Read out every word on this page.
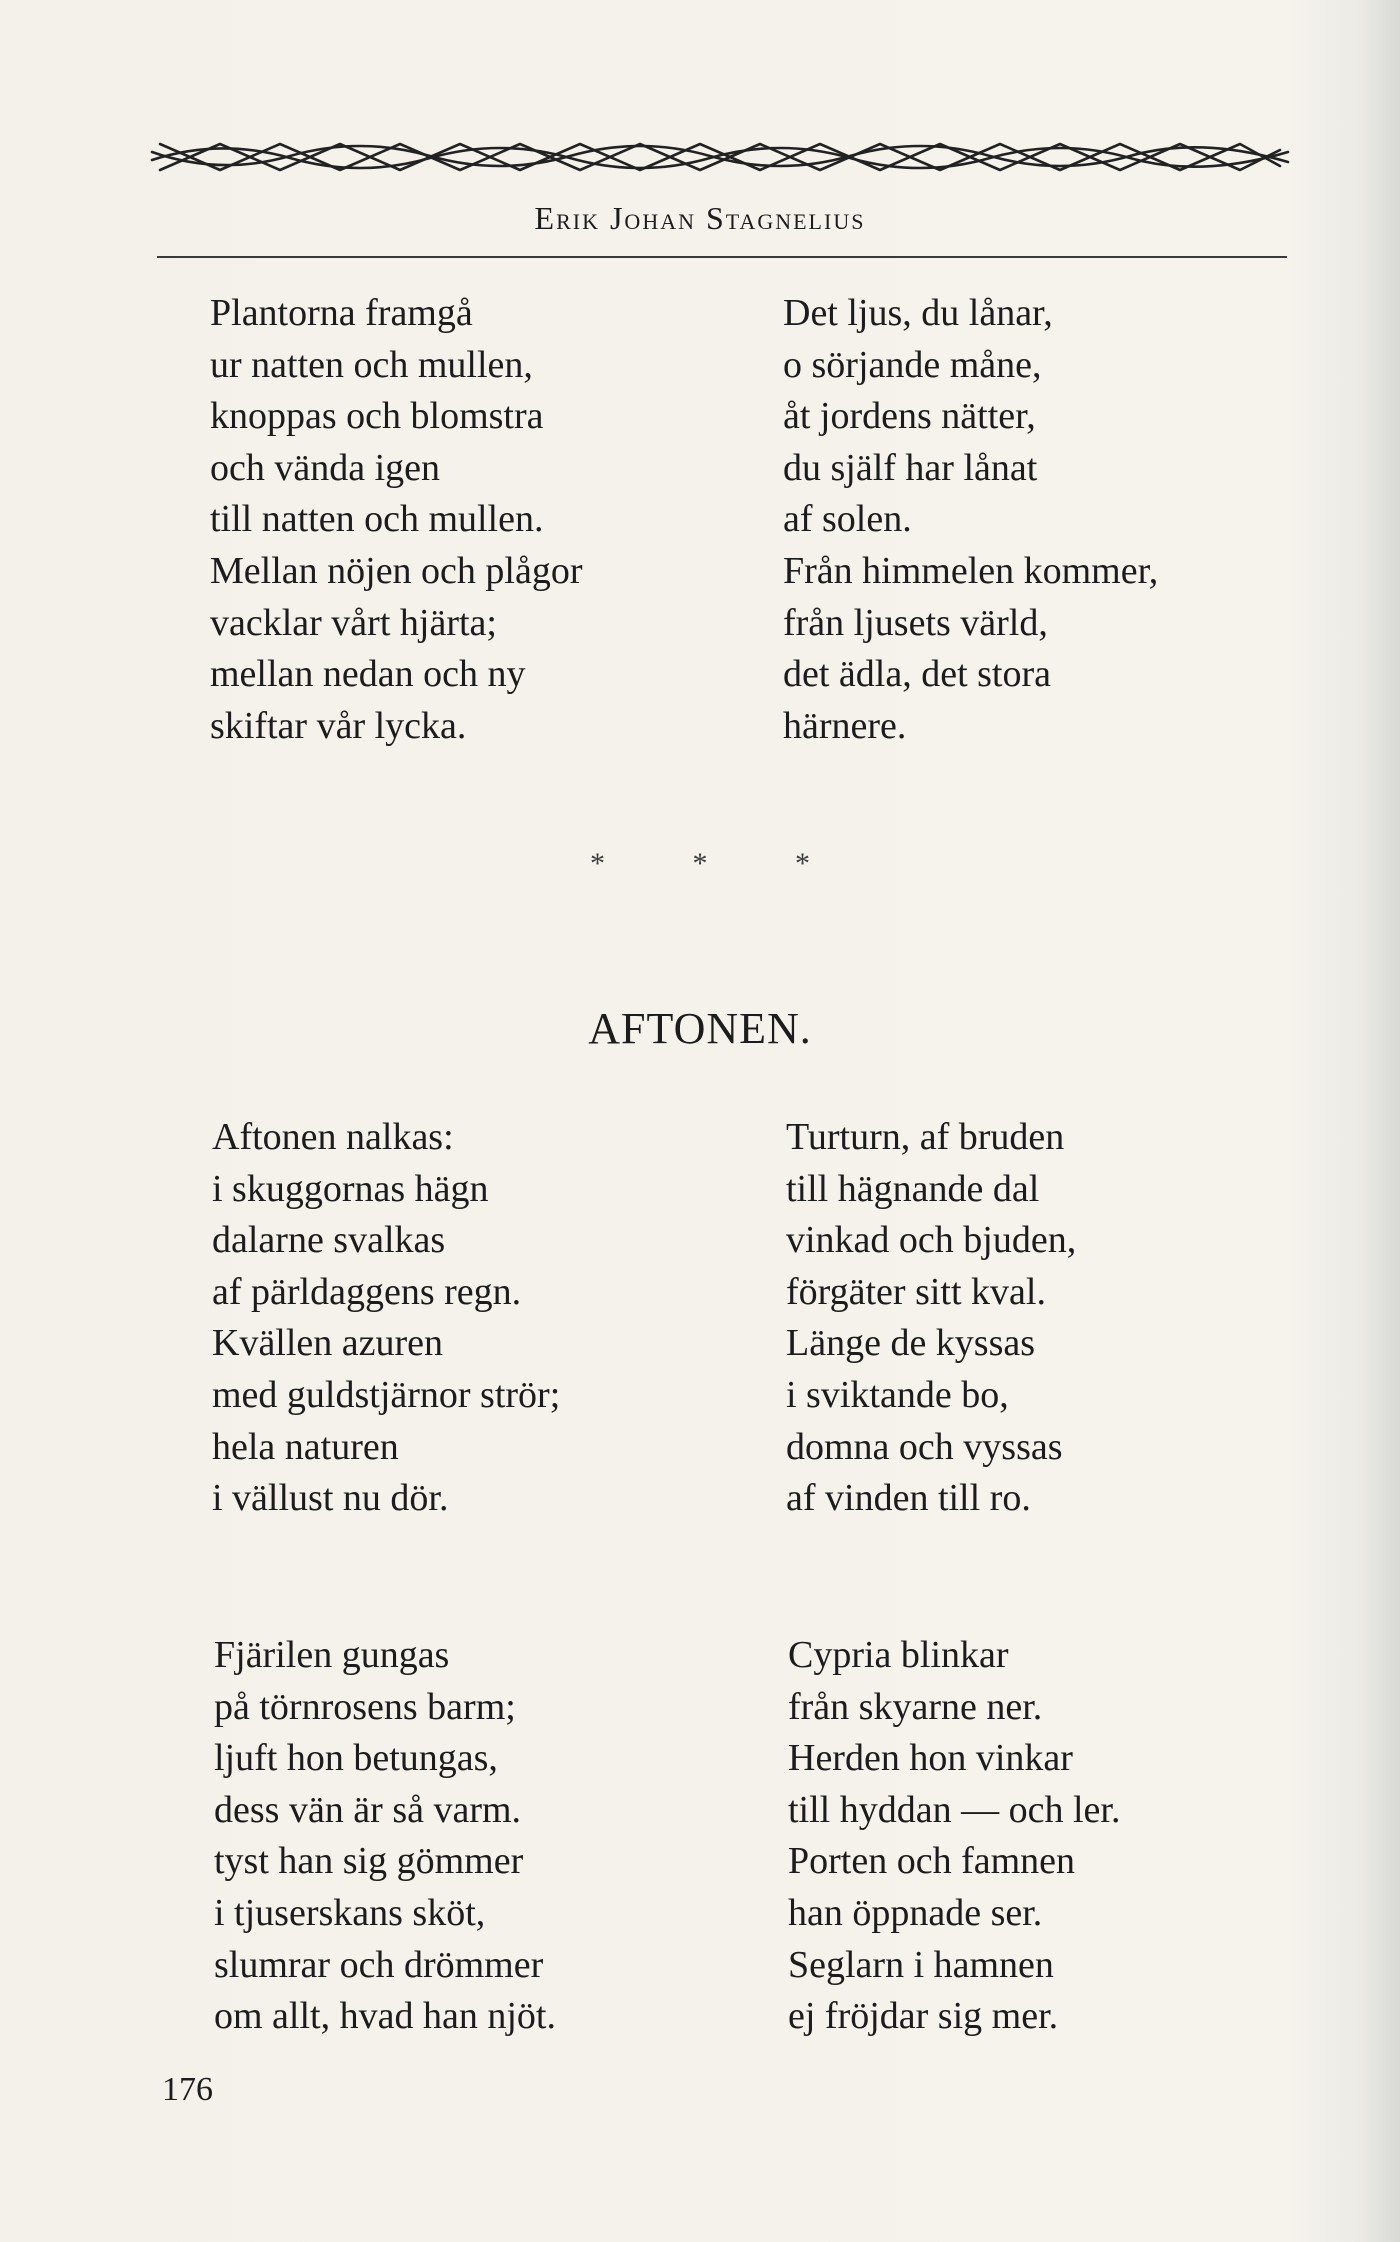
Erik Johan Stagnelius
Plantorna framgå
ur natten och mullen,
knoppas och blomstra
och vända igen
till natten och mullen.
Mellan nöjen och plågor
vacklar vårt hjärta;
mellan nedan och ny
skiftar vår lycka.
Det ljus, du lånar,
o sörjande måne,
åt jordens nätter,
du själf har lånat
af solen.
Från himmelen kommer,
från ljusets värld,
det ädla, det stora
härnere.
* * *
AFTONEN.
Aftonen nalkas:
i skuggornas hägn
dalarne svalkas
af pärldaggens regn.
Kvällen azuren
med guldstjärnor strör;
hela naturen
i vällust nu dör.
Turturn, af bruden
till hägnande dal
vinkad och bjuden,
förgäter sitt kval.
Länge de kyssas
i sviktande bo,
domna och vyssas
af vinden till ro.
Fjärilen gungas
på törnrosens barm;
ljuft hon betungas,
dess vän är så varm.
tyst han sig gömmer
i tjuserskans sköt,
slumrar och drömmer
om allt, hvad han njöt.
Cypria blinkar
från skyarne ner.
Herden hon vinkar
till hyddan — och ler.
Porten och famnen
han öppnade ser.
Seglarn i hamnen
ej fröjdar sig mer.
176
